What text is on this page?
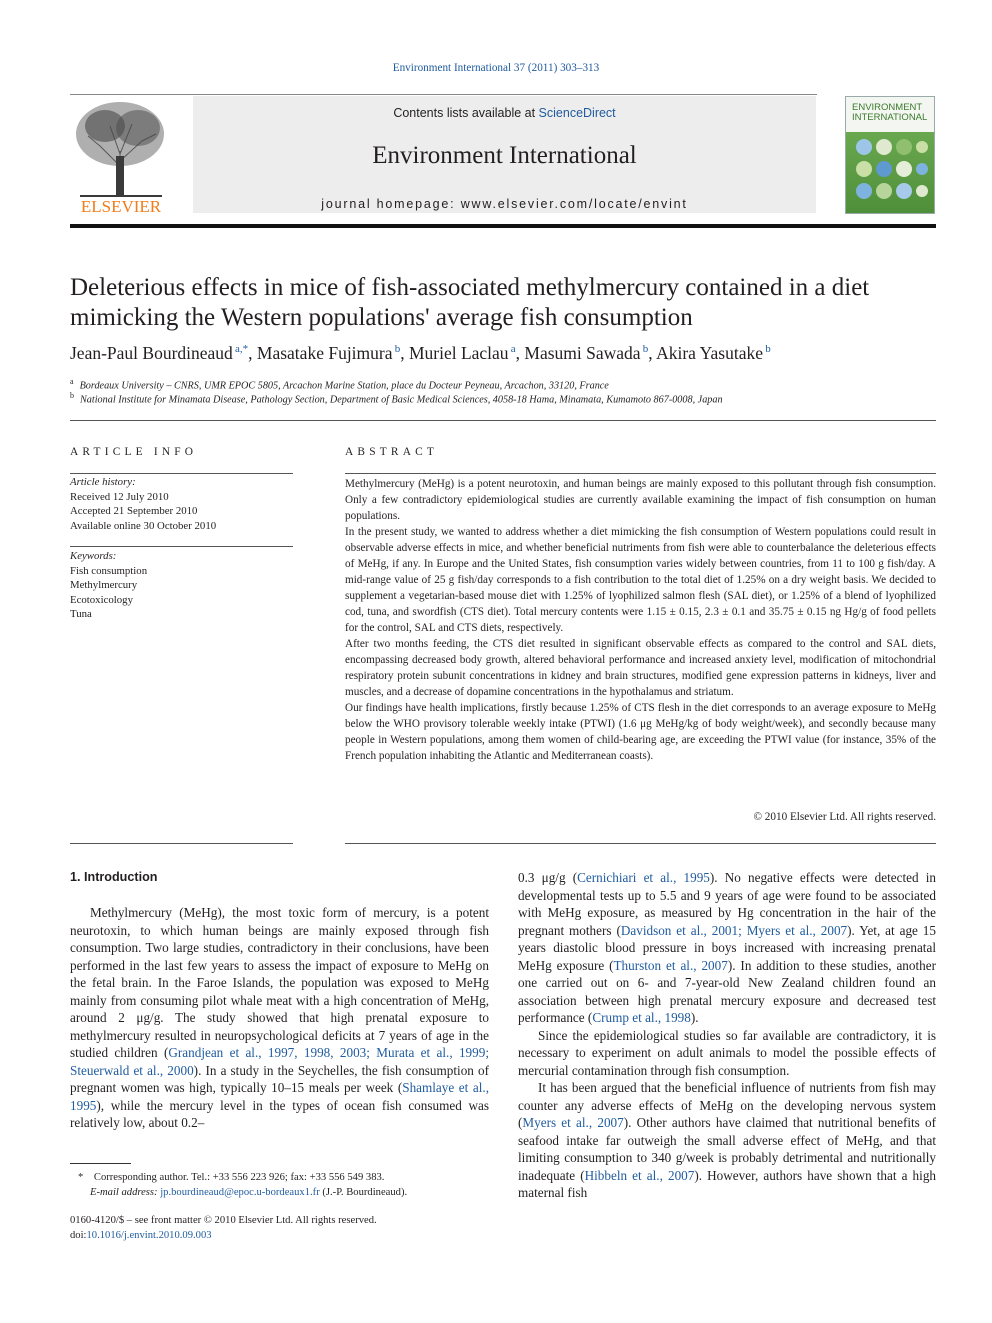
Environment International 37 (2011) 303–313
ELSEVIER
Contents lists available at ScienceDirect
Environment International
journal homepage: www.elsevier.com/locate/envint
ENVIRONMENT
INTERNATIONAL
Deleterious effects in mice of fish-associated methylmercury contained in a diet
mimicking the Western populations' average fish consumption
Jean-Paul Bourdineaud  $^{a,*}$, Masatake Fujimura  $^b$, Muriel Laclau  $^a$, Masumi Sawada  $^b$, Akira Yasutake  $^b$
$^a$ Bordeaux University – CNRS, UMR EPOC 5805, Arcachon Marine Station, place du Docteur Peyneau, Arcachon, 33120, France
$^b$ National Institute for Minamata Disease, Pathology Section, Department of Basic Medical Sciences, 4058-18 Hama, Minamata, Kumamoto 867-0008, Japan
ARTICLE INFO
Article history:
Received 12 July 2010
Accepted 21 September 2010
Available online 30 October 2010
Keywords:
Fish consumption
Methylmercury
Ecotoxicology
Tuna
ABSTRACT

Methylmercury (MeHg) is a potent neurotoxin, and human beings are mainly exposed to this pollutant through fish consumption. Only a few contradictory epidemiological studies are currently available examining the impact of fish consumption on human populations.

In the present study, we wanted to address whether a diet mimicking the fish consumption of Western populations could result in observable adverse effects in mice, and whether beneficial nutriments from fish were able to counterbalance the deleterious effects of MeHg, if any. In Europe and the United States, fish consumption varies widely between countries, from 11 to 100 g fish/day. A mid-range value of 25 g fish/day corresponds to a fish contribution to the total diet of 1.25% on a dry weight basis. We decided to supplement a vegetarian-based mouse diet with 1.25% of lyophilized salmon flesh (SAL diet), or 1.25% of a blend of lyophilized cod, tuna, and swordfish (CTS diet). Total mercury contents were 1.15 ± 0.15, 2.3 ± 0.1 and 35.75 ± 0.15 ng Hg/g of food pellets for the control, SAL and CTS diets, respectively.

After two months feeding, the CTS diet resulted in significant observable effects as compared to the control and SAL diets, encompassing decreased body growth, altered behavioral performance and increased anxiety level, modification of mitochondrial respiratory protein subunit concentrations in kidney and brain structures, modified gene expression patterns in kidneys, liver and muscles, and a decrease of dopamine concentrations in the hypothalamus and striatum.

Our findings have health implications, firstly because 1.25% of CTS flesh in the diet corresponds to an average exposure to MeHg below the WHO provisory tolerable weekly intake (PTWI) (1.6 μg MeHg/kg of body weight/week), and secondly because many people in Western populations, among them women of child-bearing age, are exceeding the PTWI value (for instance, 35% of the French population inhabiting the Atlantic and Mediterranean coasts).

© 2010 Elsevier Ltd. All rights reserved.
1. Introduction

Methylmercury (MeHg), the most toxic form of mercury, is a potent neurotoxin, to which human beings are mainly exposed through fish consumption. Two large studies, contradictory in their conclusions, have been performed in the last few years to assess the impact of exposure to MeHg on the fetal brain. In the Faroe Islands, the population was exposed to MeHg mainly from consuming pilot whale meat with a high concentration of MeHg, around 2 μg/g. The study showed that high prenatal exposure to methylmercury resulted in neuropsychological deficits at 7 years of age in the studied children (Grandjean et al., 1997, 1998, 2003; Murata et al., 1999; Steuerwald et al., 2000). In a study in the Seychelles, the fish consumption of pregnant women was high, typically 10–15 meals per week (Shamlaye et al., 1995), while the mercury level in the types of ocean fish consumed was relatively low, about 0.2–

0.3 μg/g (Cernichiari et al., 1995). No negative effects were detected in developmental tests up to 5.5 and 9 years of age were found to be associated with MeHg exposure, as measured by Hg concentration in the hair of the pregnant mothers (Davidson et al., 2001; Myers et al., 2007). Yet, at age 15 years diastolic blood pressure in boys increased with increasing prenatal MeHg exposure (Thurston et al., 2007). In addition to these studies, another one carried out on 6- and 7-year-old New Zealand children found an association between high prenatal mercury exposure and decreased test performance (Crump et al., 1998).

Since the epidemiological studies so far available are contradictory, it is necessary to experiment on adult animals to model the possible effects of mercurial contamination through fish consumption.

It has been argued that the beneficial influence of nutrients from fish may counter any adverse effects of MeHg on the developing nervous system (Myers et al., 2007). Other authors have claimed that nutritional benefits of seafood intake far outweigh the small adverse effect of MeHg, and that limiting consumption to 340 g/week is probably detrimental and nutritionally inadequate (Hibbeln et al., 2007). However, authors have shown that a high maternal fish

* Corresponding author. Tel.: +33 556 223 926; fax: +33 556 549 383.
E-mail address: jp.bourdineaud@epoc.u-bordeaux1.fr (J.-P. Bourdineaud).
0160-4120/$ – see front matter © 2010 Elsevier Ltd. All rights reserved.
doi:10.1016/j.envint.2010.09.003
